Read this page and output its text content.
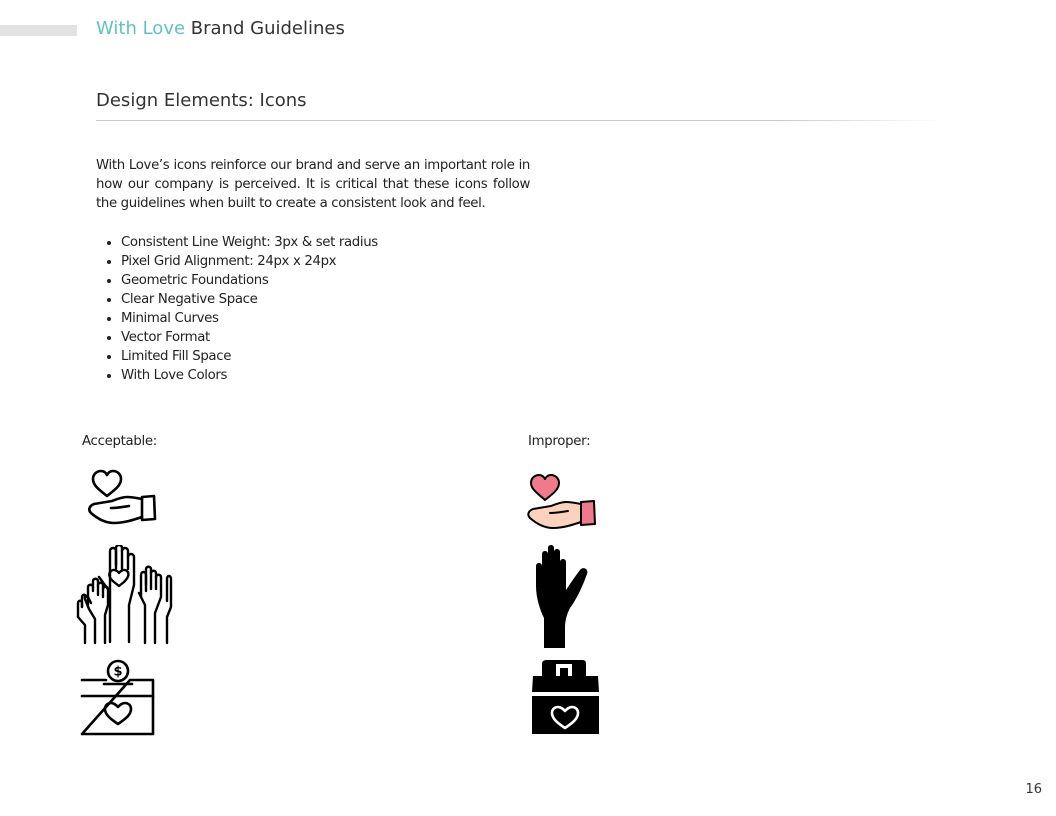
With Love Brand Guidelines
Design Elements: Icons

With Love’s icons reinforce our brand and serve an important role in how our company is perceived. It is critical that these icons follow the guidelines when built to create a consistent look and feel.

• Consistent Line Weight: 3px & set radius
• Pixel Grid Alignment: 24px x 24px
• Geometric Foundations
• Clear Negative Space
• Minimal Curves
• Vector Format
• Limited Fill Space
• With Love Colors
Acceptable:
$
Improper:
16
